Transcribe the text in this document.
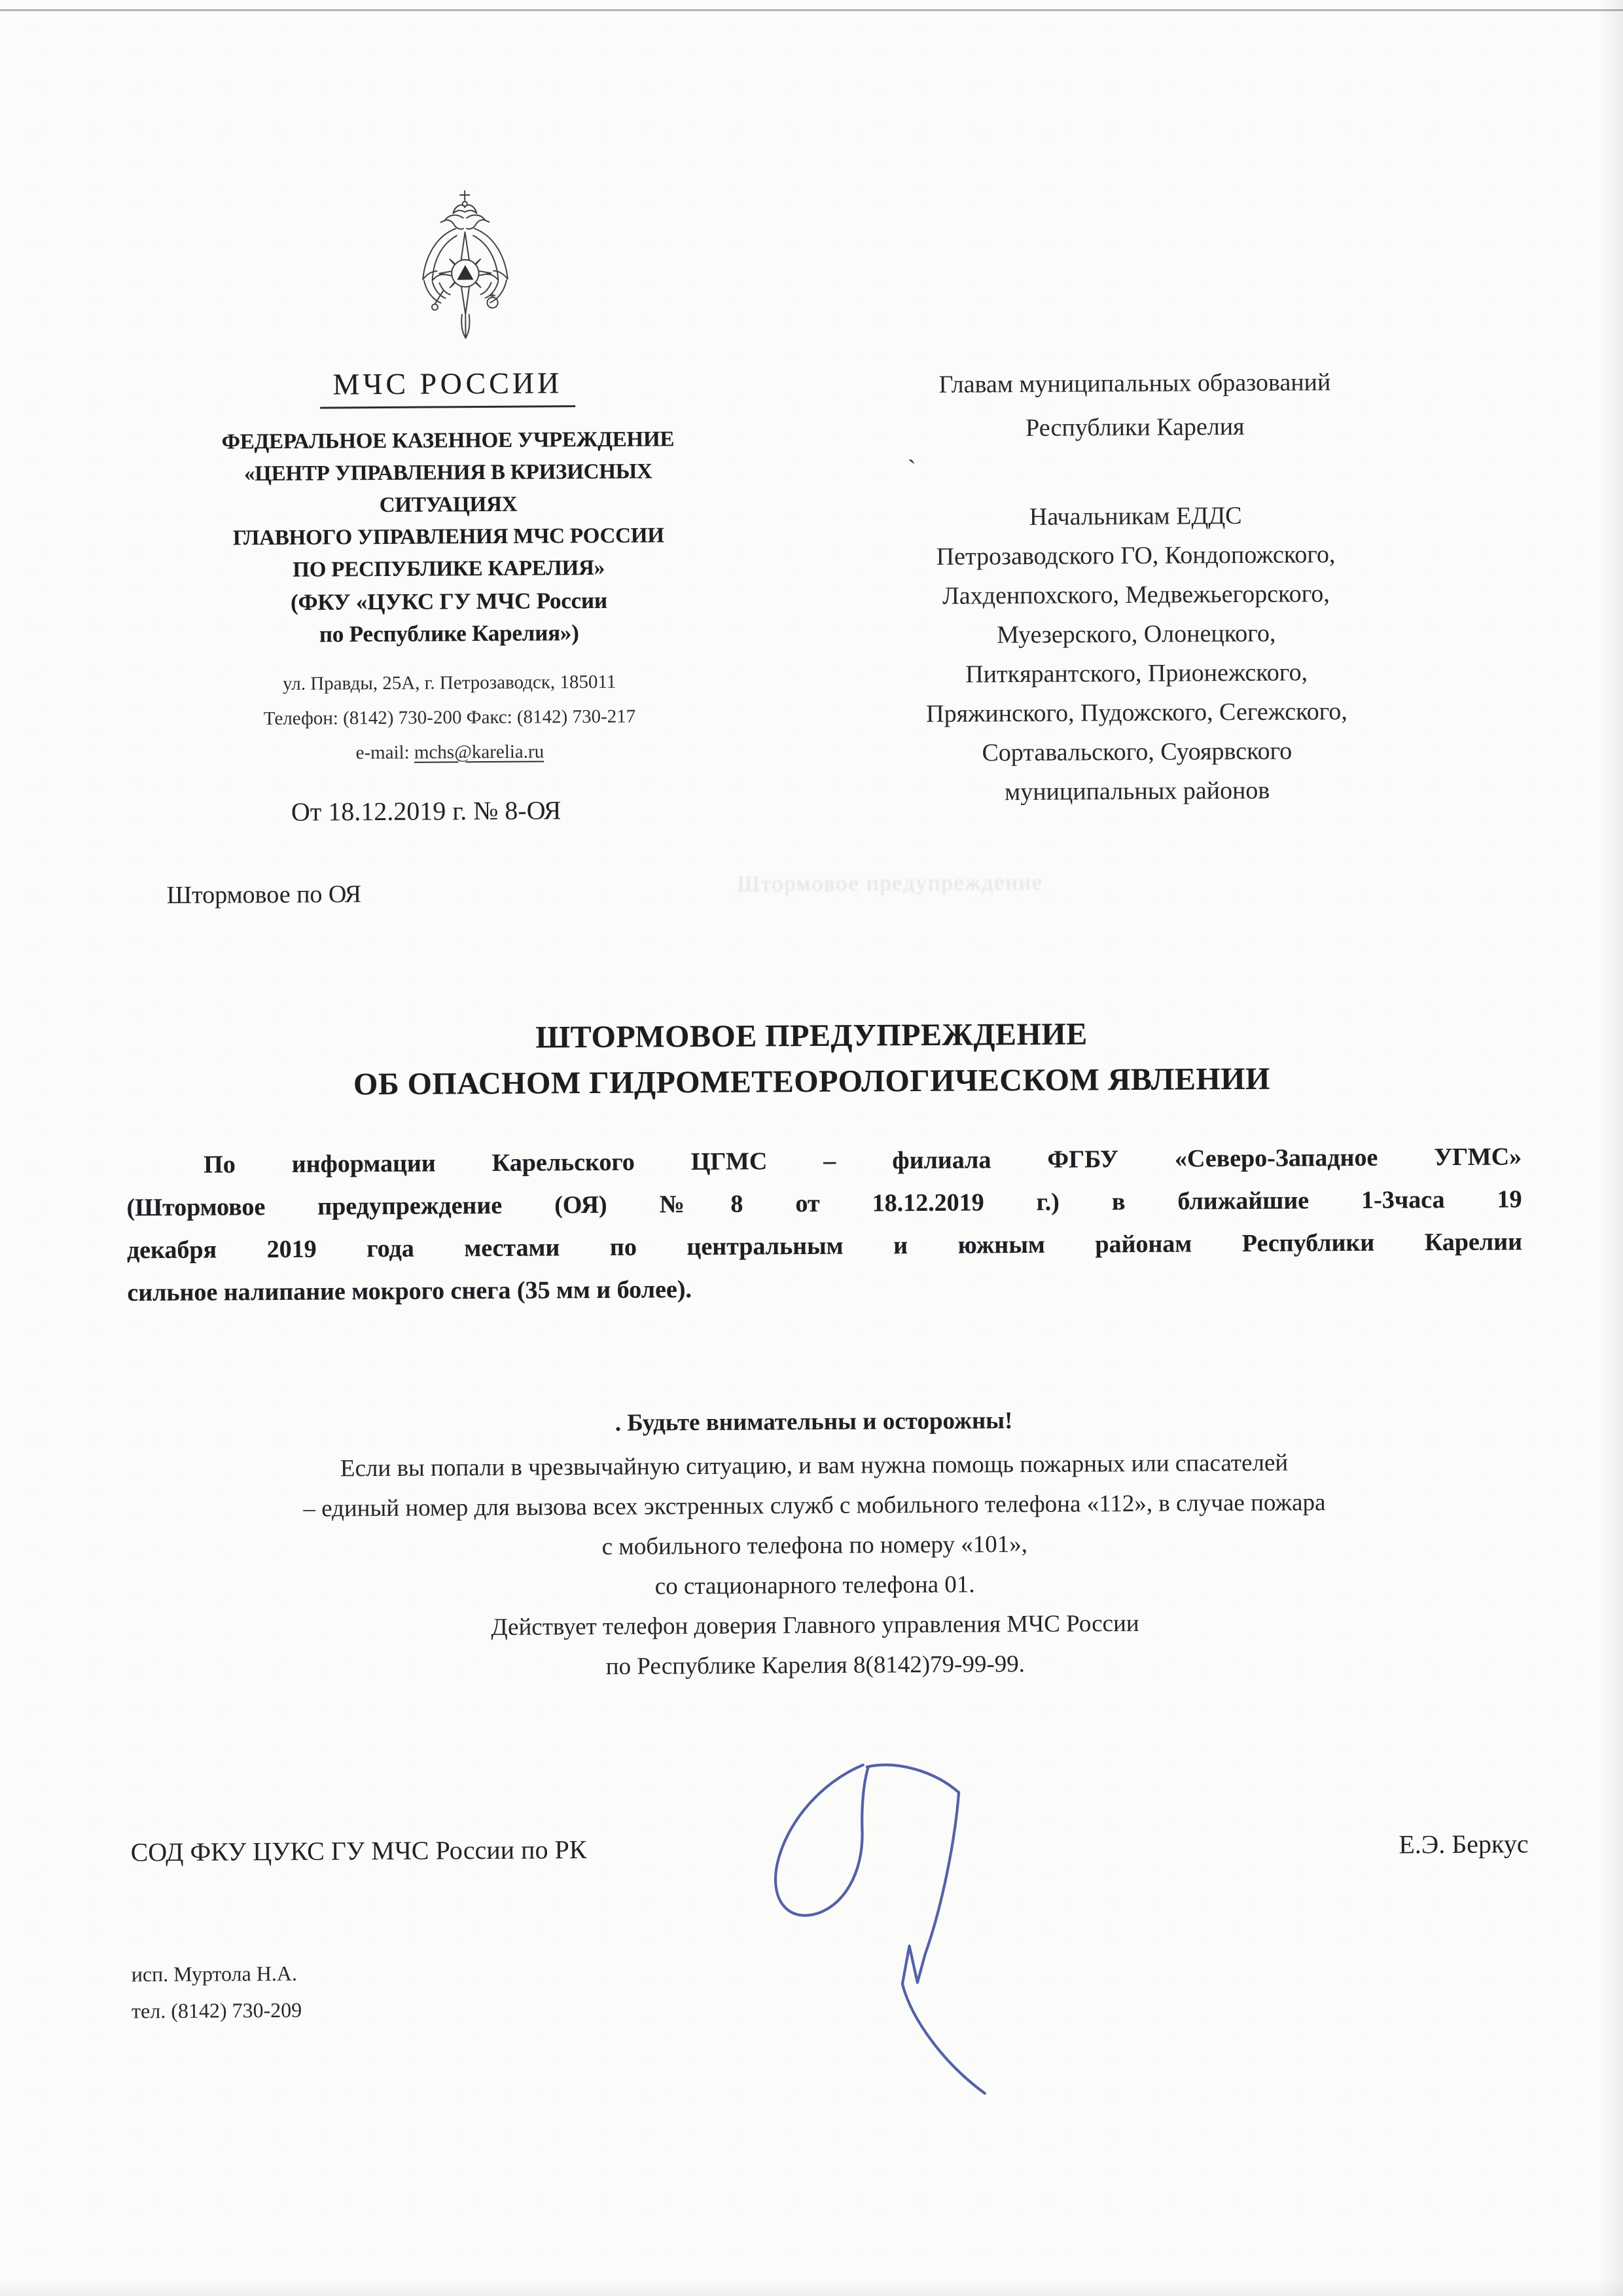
МЧС РОССИИ
ФЕДЕРАЛЬНОЕ КАЗЕННОЕ УЧРЕЖДЕНИЕ
«ЦЕНТР УПРАВЛЕНИЯ В КРИЗИСНЫХ
СИТУАЦИЯХ
ГЛАВНОГО УПРАВЛЕНИЯ МЧС РОССИИ
ПО РЕСПУБЛИКЕ КАРЕЛИЯ»
(ФКУ «ЦУКС ГУ МЧС России
по Республике Карелия»)
ул. Правды, 25А, г. Петрозаводск, 185011
Телефон: (8142) 730-200 Факс: (8142) 730-217
e-mail: mchs@karelia.ru
От 18.12.2019 г. № 8-ОЯ
Штормовое по ОЯ
Главам муниципальных образований
Республики Карелия
`
Начальникам ЕДДС
Петрозаводского ГО, Кондопожского,
Лахденпохского, Медвежьегорского,
Муезерского, Олонецкого,
Питкярантского, Прионежского,
Пряжинского, Пудожского, Сегежского,
Сортавальского, Суоярвского
муниципальных районов
Штормовое предупреждение
ШТОРМОВОЕ ПРЕДУПРЕЖДЕНИЕ
ОБ ОПАСНОМ ГИДРОМЕТЕОРОЛОГИЧЕСКОМ ЯВЛЕНИИ
По информации Карельского ЦГМС – филиала ФГБУ «Северо-Западное УГМС»
(Штормовое предупреждение (ОЯ) №8 от 18.12.2019 г.) в ближайшие 1-3часа 19
декабря 2019 года местами по центральным и южным районам Республики Карелии
сильное налипание мокрого снега (35 мм и более).
. Будьте внимательны и осторожны!
Если вы попали в чрезвычайную ситуацию, и вам нужна помощь пожарных или спасателей
– единый номер для вызова всех экстренных служб с мобильного телефона «112», в случае пожара
с мобильного телефона по номеру «101»,
со стационарного телефона 01.
Действует телефон доверия Главного управления МЧС России
по Республике Карелия 8(8142)79-99-99.
СОД ФКУ ЦУКС ГУ МЧС России по РК	Е.Э. Беркус
исп. Муртола Н.А.
тел. (8142) 730-209
